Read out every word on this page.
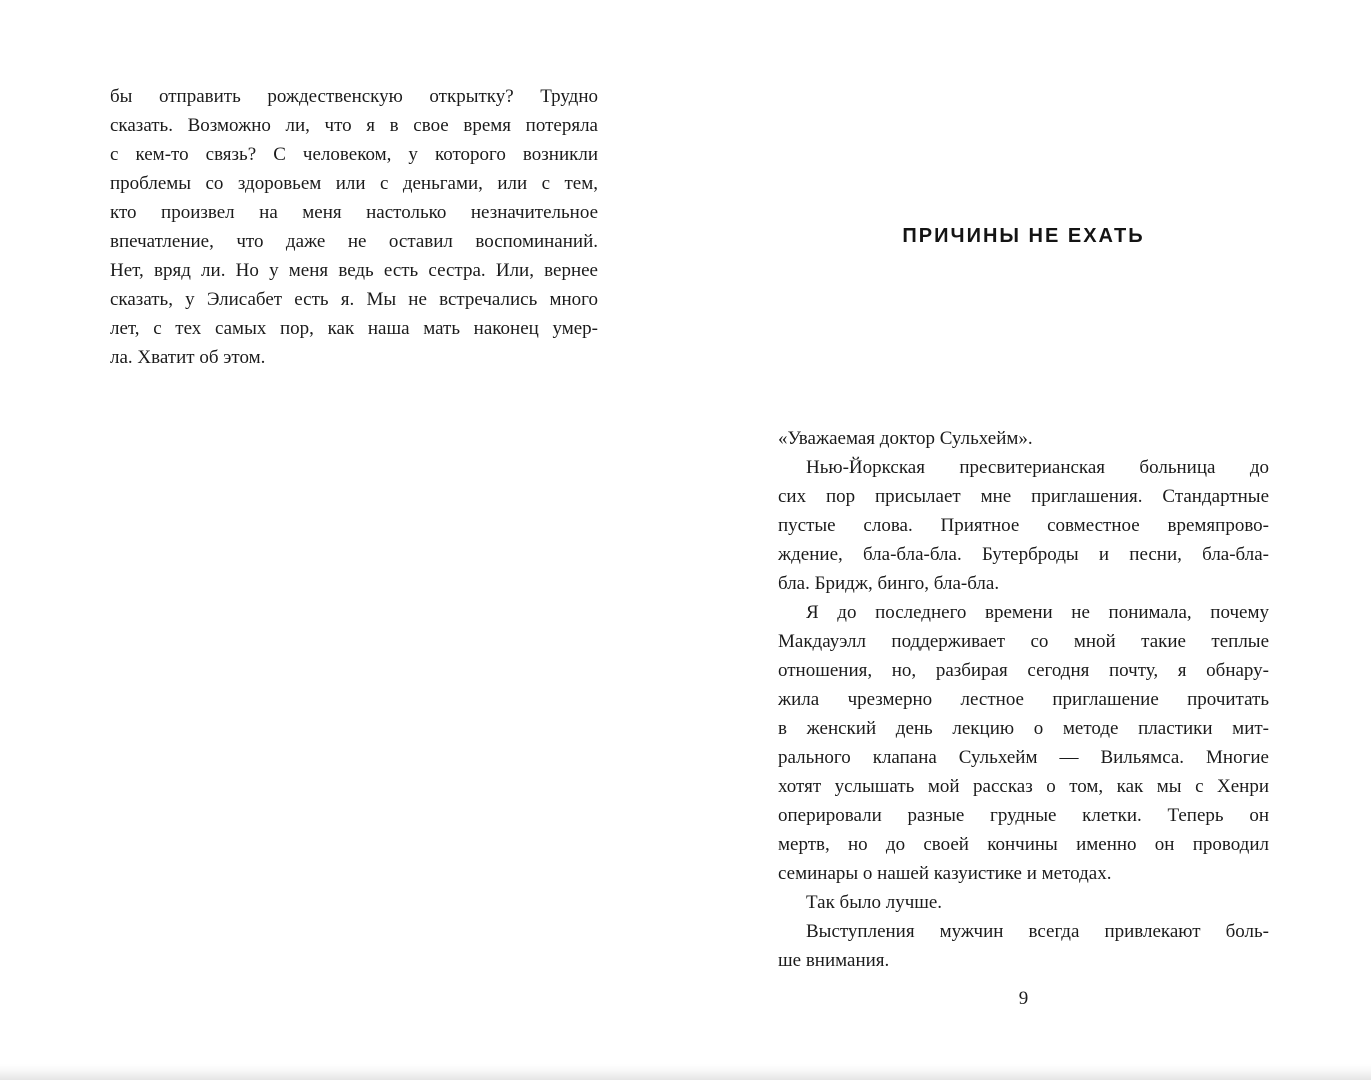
бы отправить рождественскую открытку? Трудно
сказать. Возможно ли, что я в свое время потеряла
с кем-то связь? С человеком, у которого возникли
проблемы со здоровьем или с деньгами, или с тем,
кто произвел на меня настолько незначительное
впечатление, что даже не оставил воспоминаний.
Нет, вряд ли. Но у меня ведь есть сестра. Или, вернее
сказать, у Элисабет есть я. Мы не встречались много
лет, с тех самых пор, как наша мать наконец умер-
ла. Хватит об этом.
ПРИЧИНЫ НЕ ЕХАТЬ
«Уважаемая доктор Сульхейм».
Нью-Йоркская пресвитерианская больница до
сих пор присылает мне приглашения. Стандартные
пустые слова. Приятное совместное времяпрово-
ждение, бла-бла-бла. Бутерброды и песни, бла-бла-
бла. Бридж, бинго, бла-бла.
Я до последнего времени не понимала, почему
Макдауэлл поддерживает со мной такие теплые
отношения, но, разбирая сегодня почту, я обнару-
жила чрезмерно лестное приглашение прочитать
в женский день лекцию о методе пластики мит-
рального клапана Сульхейм — Вильямса. Многие
хотят услышать мой рассказ о том, как мы с Хенри
оперировали разные грудные клетки. Теперь он
мертв, но до своей кончины именно он проводил
семинары о нашей казуистике и методах.
Так было лучше.
Выступления мужчин всегда привлекают боль-
ше внимания.
9
